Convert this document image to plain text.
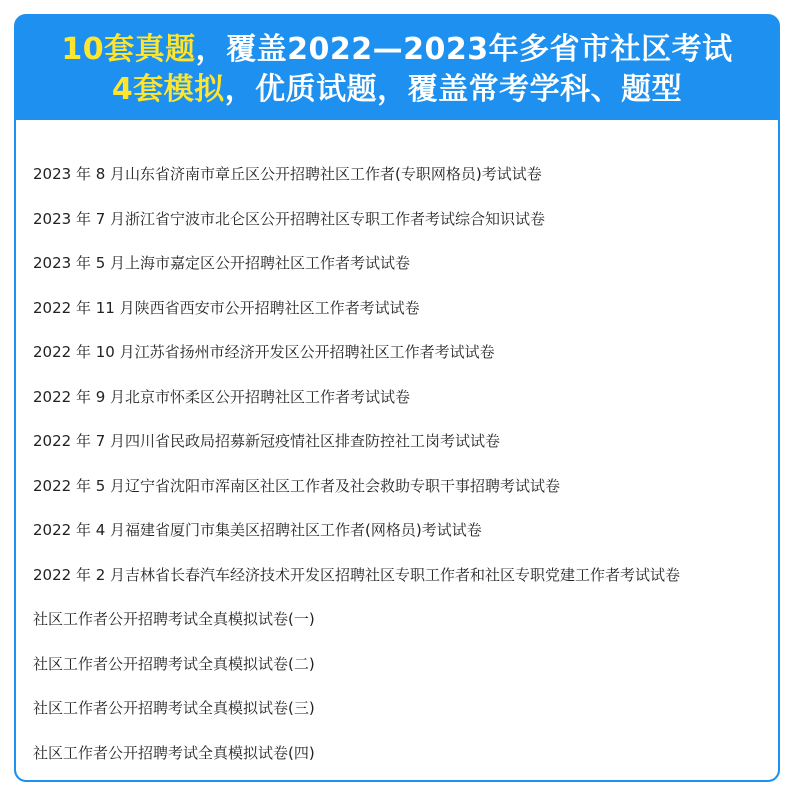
10套真题，覆盖2022—2023年多省市社区考试
4套模拟，优质试题，覆盖常考学科、题型
2023 年 8 月山东省济南市章丘区公开招聘社区工作者(专职网格员)考试试卷
2023 年 7 月浙江省宁波市北仑区公开招聘社区专职工作者考试综合知识试卷
2023 年 5 月上海市嘉定区公开招聘社区工作者考试试卷
2022 年 11 月陕西省西安市公开招聘社区工作者考试试卷
2022 年 10 月江苏省扬州市经济开发区公开招聘社区工作者考试试卷
2022 年 9 月北京市怀柔区公开招聘社区工作者考试试卷
2022 年 7 月四川省民政局招募新冠疫情社区排查防控社工岗考试试卷
2022 年 5 月辽宁省沈阳市浑南区社区工作者及社会救助专职干事招聘考试试卷
2022 年 4 月福建省厦门市集美区招聘社区工作者(网格员)考试试卷
2022 年 2 月吉林省长春汽车经济技术开发区招聘社区专职工作者和社区专职党建工作者考试试卷
社区工作者公开招聘考试全真模拟试卷(一)
社区工作者公开招聘考试全真模拟试卷(二)
社区工作者公开招聘考试全真模拟试卷(三)
社区工作者公开招聘考试全真模拟试卷(四)
